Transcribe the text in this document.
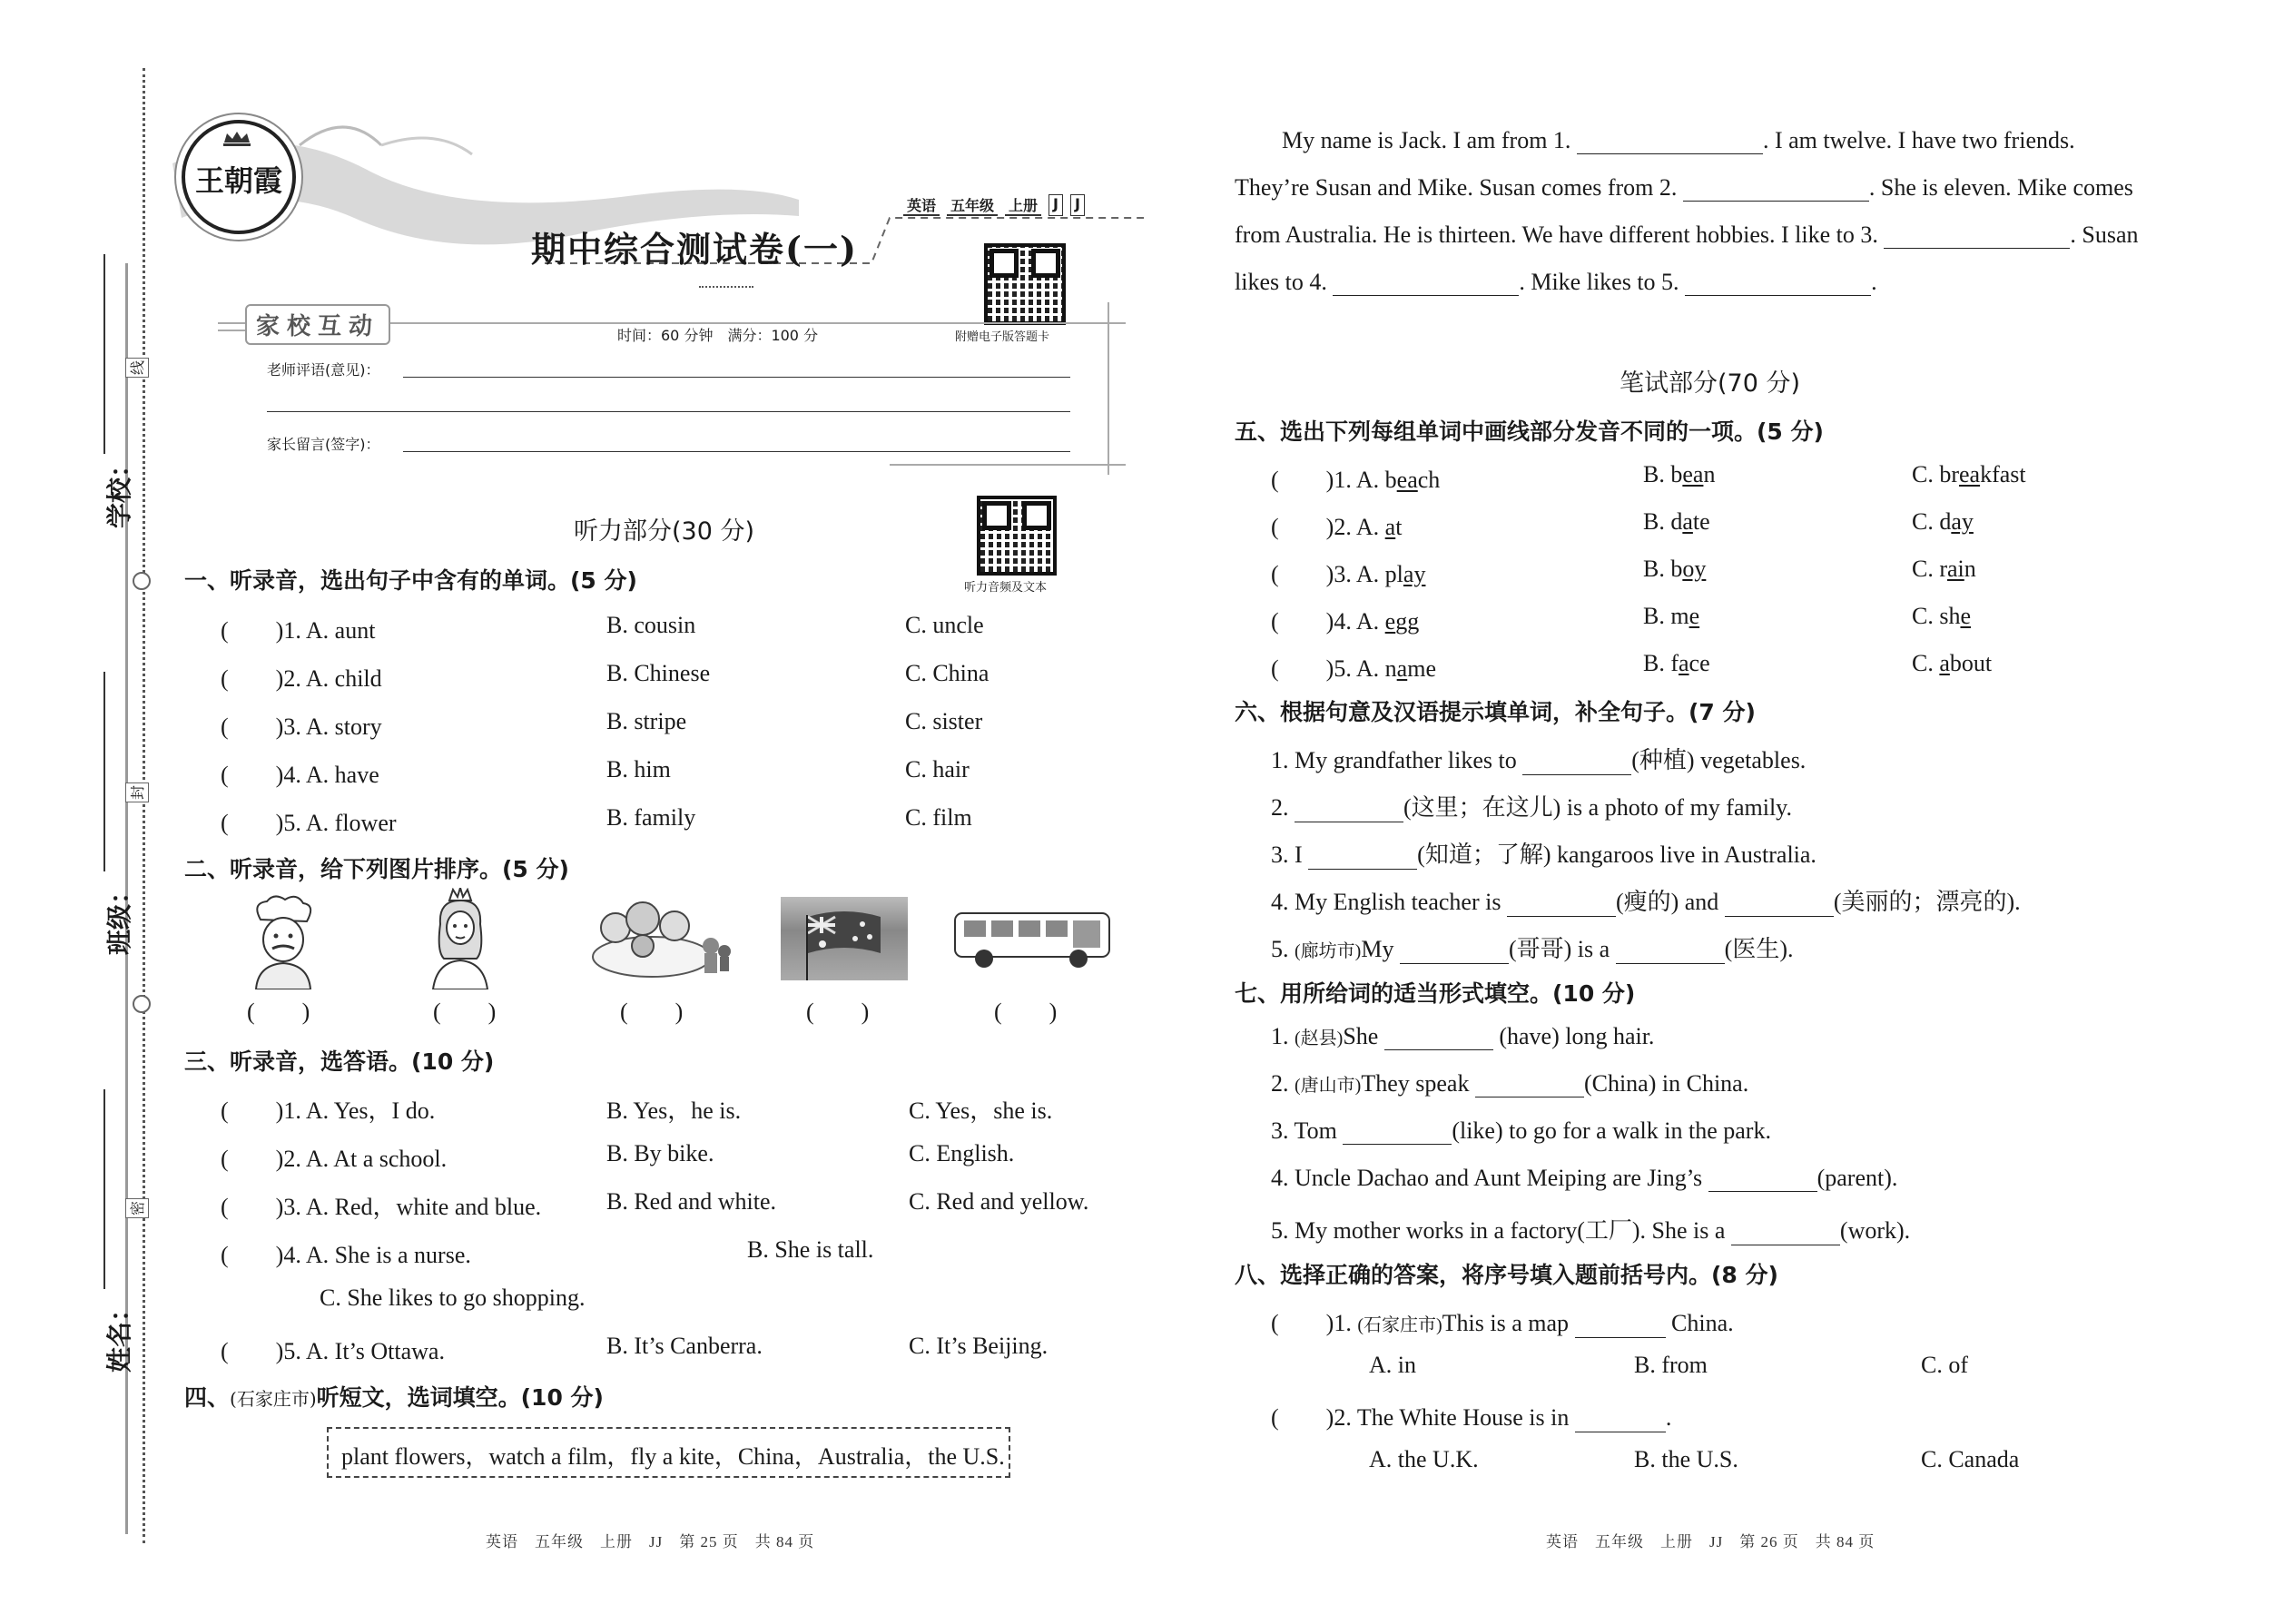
线
封
密
学校：
班级：
姓名：
王朝霞
英语 五年级 上册	J	J
期中综合测试卷(一)
附赠电子版答题卡
家校互动	时间：60 分钟　满分：100 分
老师评语(意见)：
家长留言(签字)：
听力音频及文本
听力部分(30 分)
一、听录音，选出句子中含有的单词。(5 分)
(　　)1. A. aunt	B. cousin	C. uncle
(　　)2. A. child	B. Chinese	C. China
(　　)3. A. story	B. stripe	C. sister
(　　)4. A. have	B. him	C. hair
(　　)5. A. flower	B. family	C. film
二、听录音，给下列图片排序。(5 分)
(　　)	(　　)	(　　)	(　　)	(　　)
三、听录音，选答语。(10 分)
(　　)1. A. Yes，I do.	B. Yes，he is.	C. Yes，she is.
(　　)2. A. At a school.	B. By bike.	C. English.
(　　)3. A. Red，white and blue.	B. Red and white.	C. Red and yellow.
(　　)4. A. She is a nurse.	B. She is tall.
C. She likes to go shopping.
(　　)5. A. It’s Ottawa.	B. It’s Canberra.	C. It’s Beijing.
四、(石家庄市)听短文，选词填空。(10 分)
plant flowers，watch a film，fly a kite，China，Australia，the U.S.
My name is Jack. I am from 1.	. I am twelve. I have two friends.
They’re Susan and Mike. Susan comes from 2.	. She is eleven. Mike comes
from Australia. He is thirteen. We have different hobbies. I like to 3.	. Susan
likes to 4.	. Mike likes to 5.	.
笔试部分(70 分)
五、选出下列每组单词中画线部分发音不同的一项。(5 分)
(　　)1. A. beach	B. bean	C. breakfast
(　　)2. A. at	B. date	C. day
(　　)3. A. play	B. boy	C. rain
(　　)4. A. egg	B. me	C. she
(　　)5. A. name	B. face	C. about
六、根据句意及汉语提示填单词，补全句子。(7 分)
1. My grandfather likes to	(种植) vegetables.
2.	(这里；在这儿) is a photo of my family.
3. I	(知道；了解) kangaroos live in Australia.
4. My English teacher is	(瘦的) and	(美丽的；漂亮的).
5. (廊坊市)My	(哥哥) is a	(医生).
七、用所给词的适当形式填空。(10 分)
1. (赵县)She	(have) long hair.
2. (唐山市)They speak	(China) in China.
3. Tom	(like) to go for a walk in the park.
4. Uncle Dachao and Aunt Meiping are Jing’s	(parent).
5. My mother works in a factory(工厂). She is a	(work).
八、选择正确的答案，将序号填入题前括号内。(8 分)
(　　)1. (石家庄市)This is a map	China.
A. in	B. from	C. of
(　　)2. The White House is in	.
A. the U.K.	B. the U.S.	C. Canada
英语　五年级　上册　JJ　第 25 页　共 84 页	英语　五年级　上册　JJ　第 26 页　共 84 页
